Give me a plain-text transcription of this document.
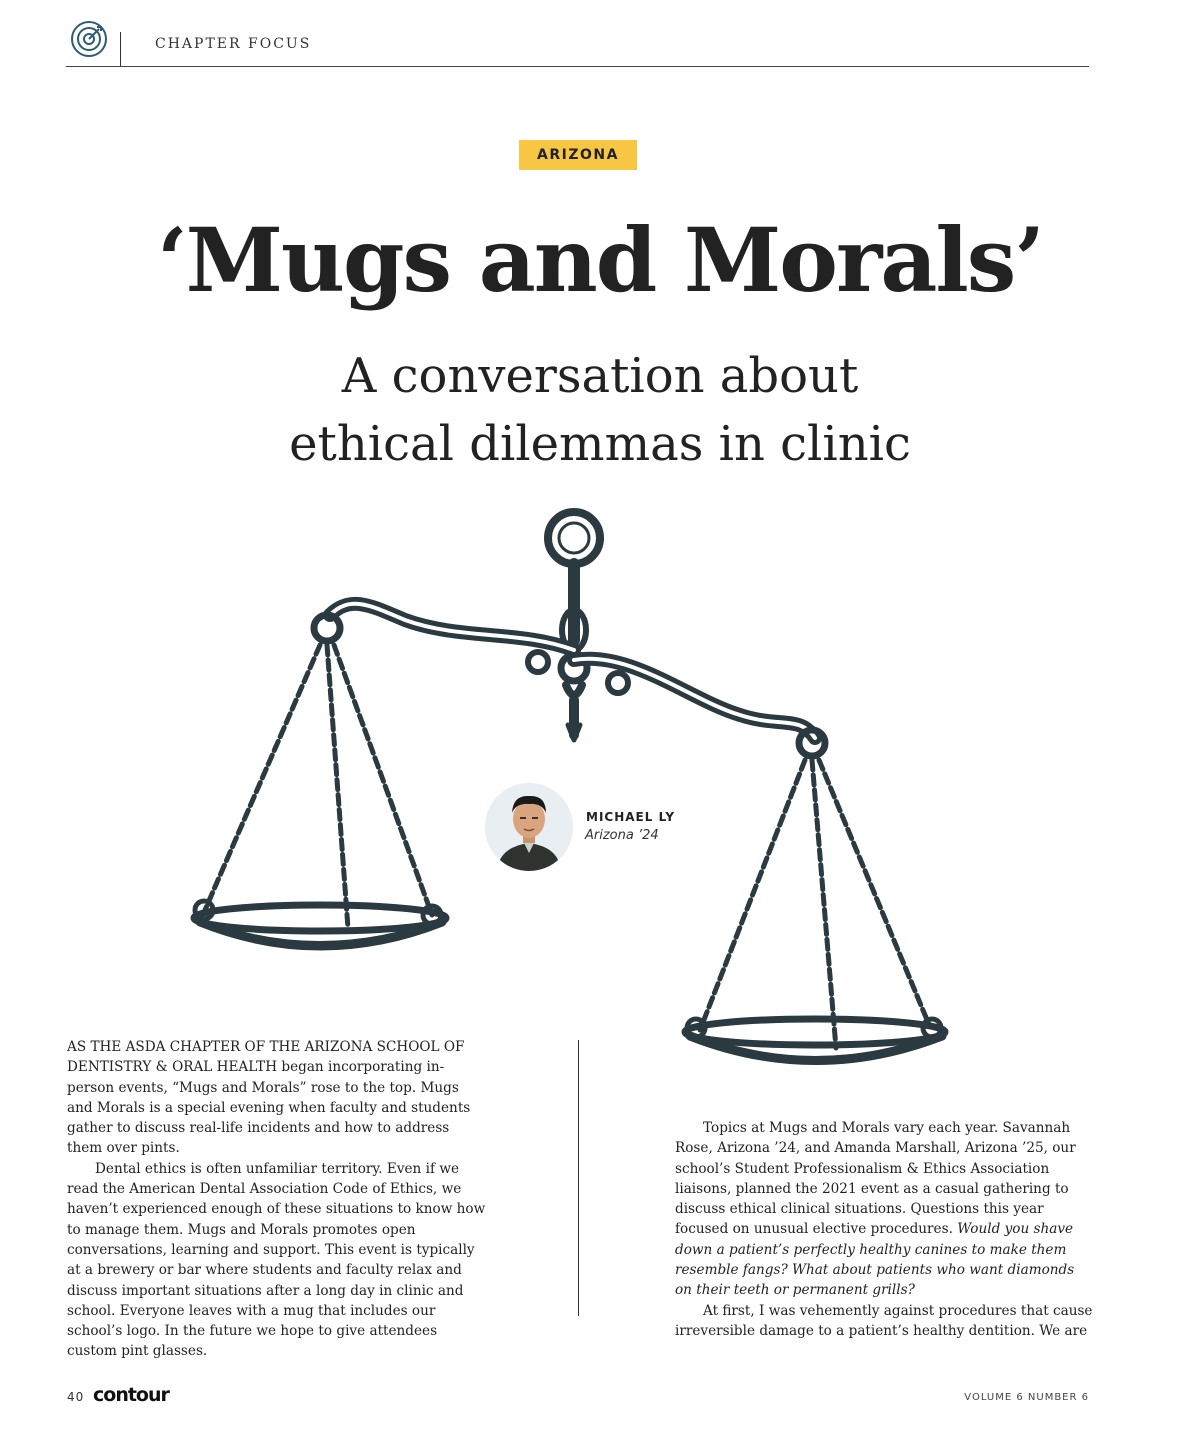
CHAPTER FOCUS
ARIZONA
‘Mugs and Morals’
A conversation about
ethical dilemmas in clinic
MICHAEL LY
Arizona ’24

AS THE ASDA CHAPTER OF THE ARIZONA SCHOOL OF DENTISTRY & ORAL HEALTH began incorporating in-person events, “Mugs and Morals” rose to the top. Mugs and Morals is a special evening when faculty and students gather to discuss real-life incidents and how to address them over pints.

Dental ethics is often unfamiliar territory. Even if we read the American Dental Association Code of Ethics, we haven’t experienced enough of these situations to know how to manage them. Mugs and Morals promotes open conversations, learning and support. This event is typically at a brewery or bar where students and faculty relax and discuss important situations after a long day in clinic and school. Everyone leaves with a mug that includes our school’s logo. In the future we hope to give attendees custom pint glasses.

Topics at Mugs and Morals vary each year. Savannah Rose, Arizona ’24, and Amanda Marshall, Arizona ’25, our school’s Student Professionalism & Ethics Association liaisons, planned the 2021 event as a casual gathering to discuss ethical clinical situations. Questions this year focused on unusual elective procedures. Would you shave down a patient’s perfectly healthy canines to make them resemble fangs? What about patients who want diamonds on their teeth or permanent grills?

At first, I was vehemently against procedures that cause irreversible damage to a patient’s healthy dentition. We are

40 contour	VOLUME 6 NUMBER 6
